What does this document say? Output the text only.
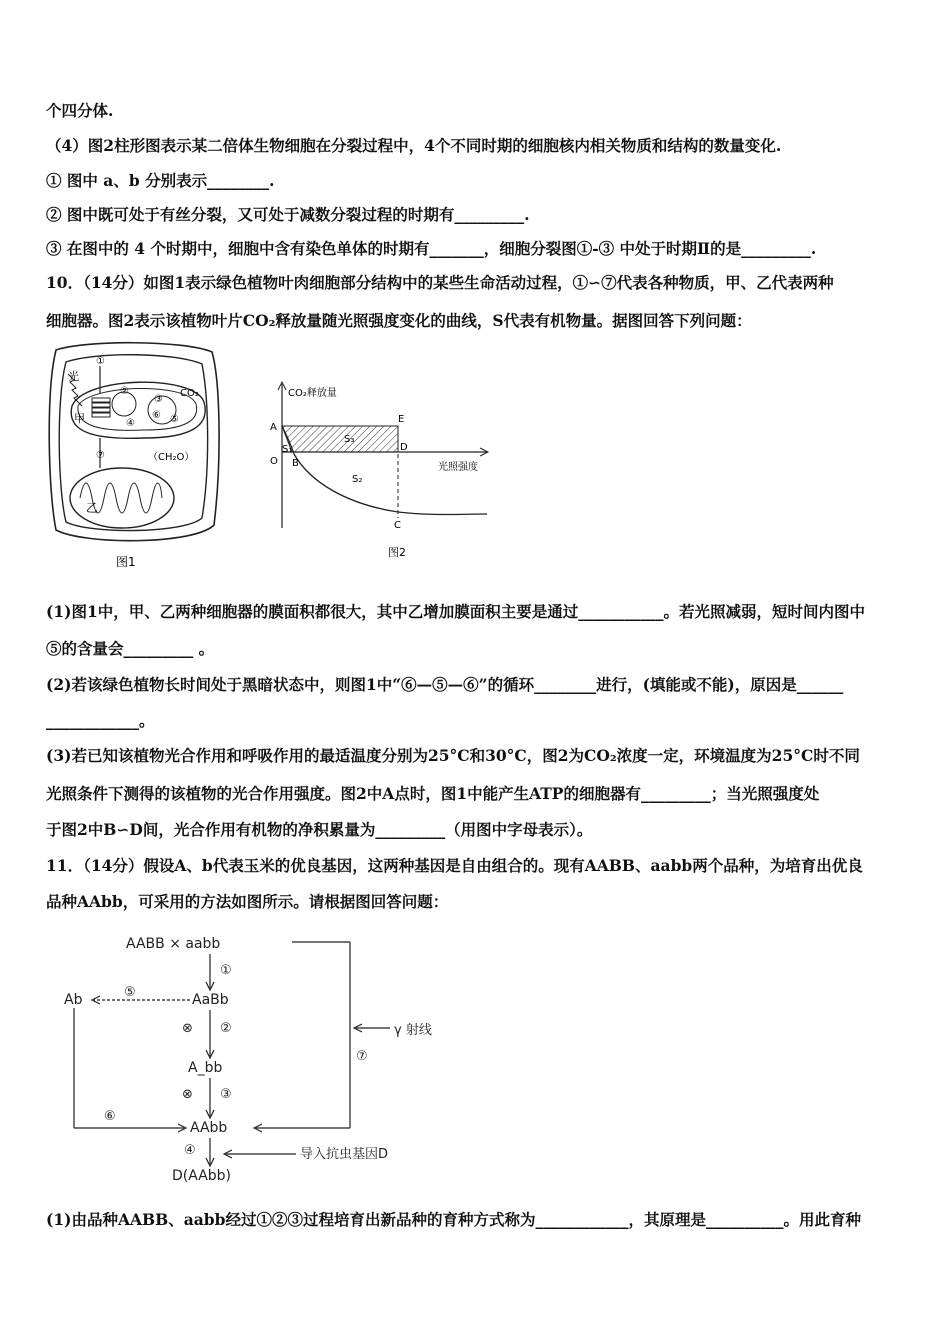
个四分体.
（4）图2柱形图表示某二倍体生物细胞在分裂过程中，4个不同时期的细胞核内相关物质和结构的数量变化.
① 图中 a、b 分别表示________.
② 图中既可处于有丝分裂，又可处于减数分裂过程的时期有_________.
③ 在图中的 4 个时期中，细胞中含有染色单体的时期有_______，细胞分裂图①-③ 中处于时期Ⅱ的是_________.
10．（14分）如图1表示绿色植物叶肉细胞部分结构中的某些生命活动过程，①∽⑦代表各种物质，甲、乙代表两种
细胞器。图2表示该植物叶片CO₂释放量随光照强度变化的曲线，S代表有机物量。据图回答下列问题：
光
甲
乙
CO₂
（CH₂O）
①
②
③
④	⑤
⑥
⑦
图1
CO₂释放量
光照强度
A
O B
C
D
E
S₁
S₃
S₂
图2
(1)图1中，甲、乙两种细胞器的膜面积都很大，其中乙增加膜面积主要是通过___________。若光照减弱，短时间内图中
⑤的含量会_________ 。
(2)若该绿色植物长时间处于黑暗状态中，则图1中“⑥—⑤—⑥”的循环________进行，(填能或不能)，原因是______
____________。
(3)若已知该植物光合作用和呼吸作用的最适温度分别为25°C和30°C，图2为CO₂浓度一定，环境温度为25°C时不同
光照条件下测得的该植物的光合作用强度。图2中A点时，图1中能产生ATP的细胞器有_________；当光照强度处
于图2中B∽D间，光合作用有机物的净积累量为_________（用图中字母表示）。
11．（14分）假设A、b代表玉米的优良基因，这两种基因是自由组合的。现有AABB、aabb两个品种，为培育出优良
品种AAbb，可采用的方法如图所示。请根据图回答问题：
AABB × aabb
AaBb
A_bb
AAbb
D(AAbb)
Ab
γ 射线
导入抗虫基因D
①
②
③
④
⑤
⑥
⑦
⊗
⊗
(1)由品种AABB、aabb经过①②③过程培育出新品种的育种方式称为____________，其原理是__________。用此育种
